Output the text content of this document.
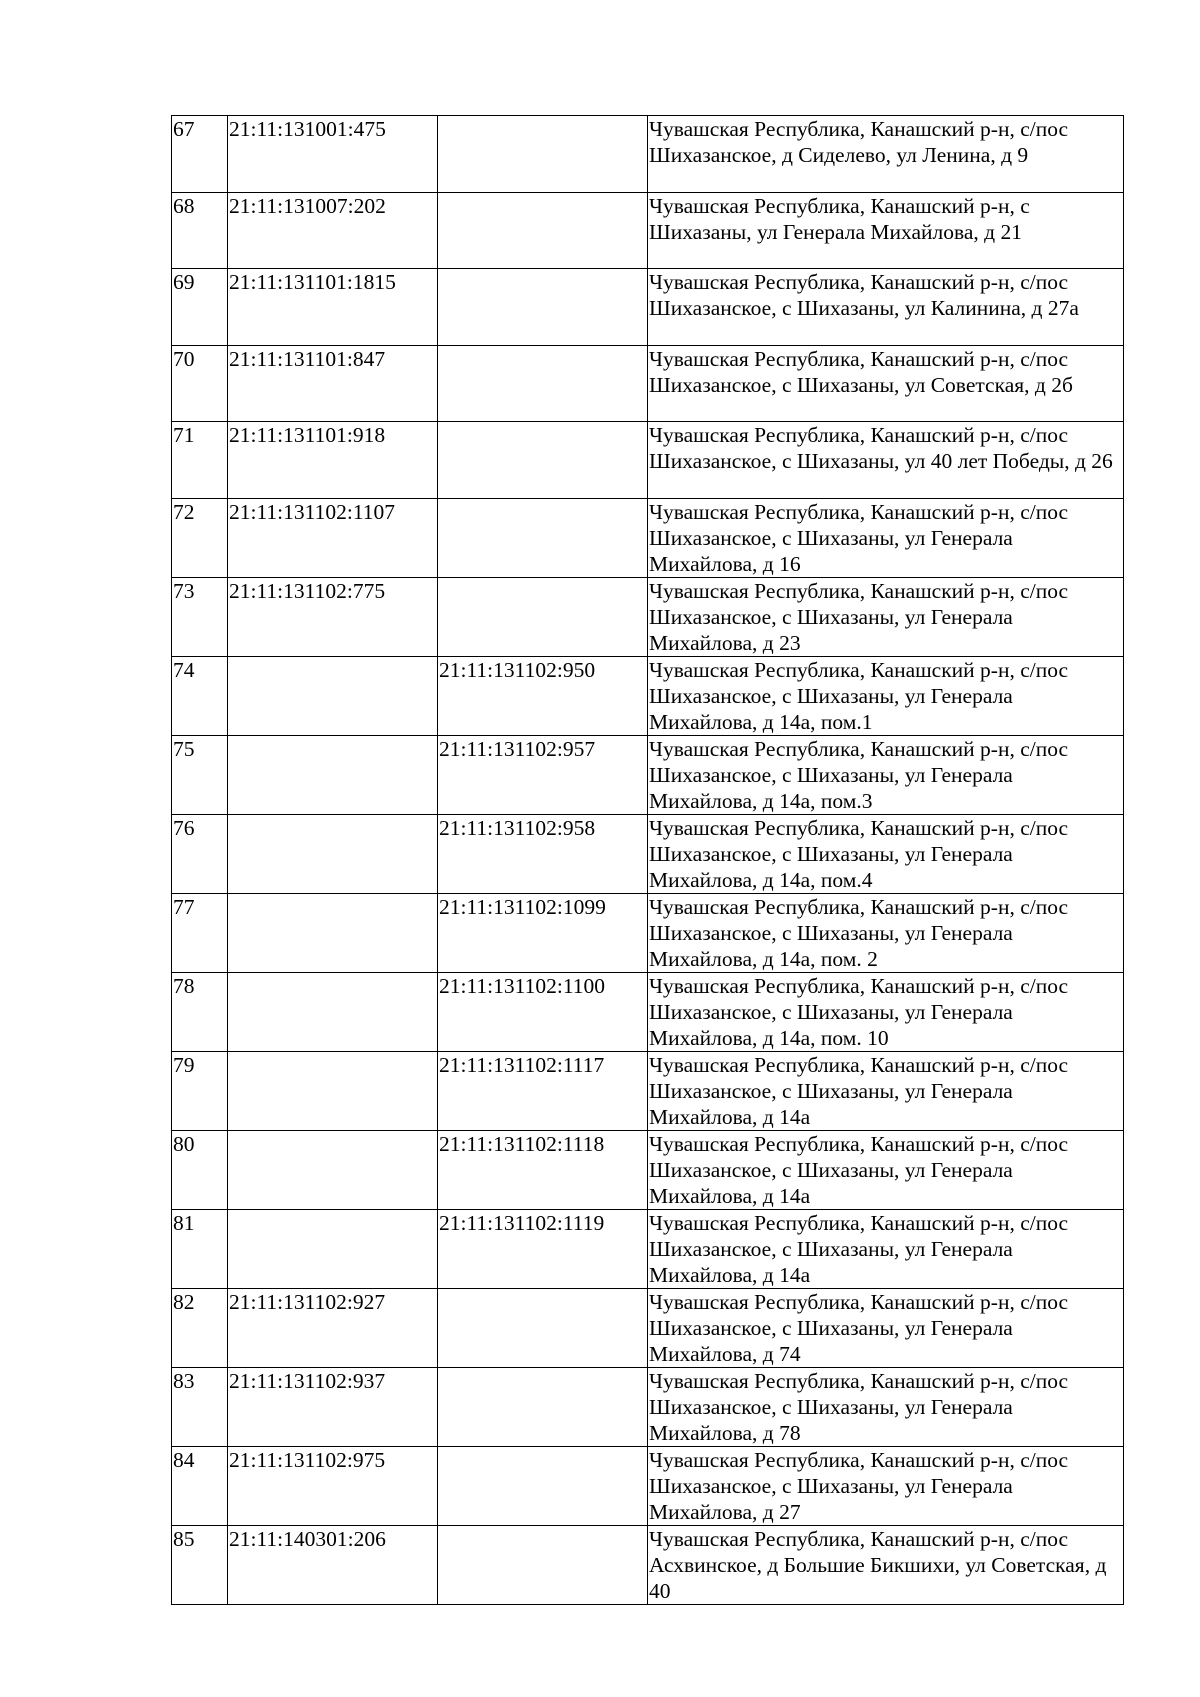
67	21:11:131001:475		Чувашская Республика, Канашский р-н, с/пос Шихазанское, д Сиделево, ул Ленина, д 9
68	21:11:131007:202		Чувашская Республика, Канашский р-н, с Шихазаны, ул Генерала Михайлова, д 21
69	21:11:131101:1815		Чувашская Республика, Канашский р-н, с/пос Шихазанское, с Шихазаны, ул Калинина, д 27а
70	21:11:131101:847		Чувашская Республика, Канашский р-н, с/пос Шихазанское, с Шихазаны, ул Советская, д 2б
71	21:11:131101:918		Чувашская Республика, Канашский р-н, с/пос Шихазанское, с Шихазаны, ул 40 лет Победы, д 26
72	21:11:131102:1107		Чувашская Республика, Канашский р-н, с/пос Шихазанское, с Шихазаны, ул Генерала Михайлова, д 16
73	21:11:131102:775		Чувашская Республика, Канашский р-н, с/пос Шихазанское, с Шихазаны, ул Генерала Михайлова, д 23
74		21:11:131102:950	Чувашская Республика, Канашский р-н, с/пос Шихазанское, с Шихазаны, ул Генерала Михайлова, д 14а, пом.1
75		21:11:131102:957	Чувашская Республика, Канашский р-н, с/пос Шихазанское, с Шихазаны, ул Генерала Михайлова, д 14а, пом.3
76		21:11:131102:958	Чувашская Республика, Канашский р-н, с/пос Шихазанское, с Шихазаны, ул Генерала Михайлова, д 14а, пом.4
77		21:11:131102:1099	Чувашская Республика, Канашский р-н, с/пос Шихазанское, с Шихазаны, ул Генерала Михайлова, д 14а, пом. 2
78		21:11:131102:1100	Чувашская Республика, Канашский р-н, с/пос Шихазанское, с Шихазаны, ул Генерала Михайлова, д 14а, пом. 10
79		21:11:131102:1117	Чувашская Республика, Канашский р-н, с/пос Шихазанское, с Шихазаны, ул Генерала Михайлова, д 14а
80		21:11:131102:1118	Чувашская Республика, Канашский р-н, с/пос Шихазанское, с Шихазаны, ул Генерала Михайлова, д 14а
81		21:11:131102:1119	Чувашская Республика, Канашский р-н, с/пос Шихазанское, с Шихазаны, ул Генерала Михайлова, д 14а
82	21:11:131102:927		Чувашская Республика, Канашский р-н, с/пос Шихазанское, с Шихазаны, ул Генерала Михайлова, д 74
83	21:11:131102:937		Чувашская Республика, Канашский р-н, с/пос Шихазанское, с Шихазаны, ул Генерала Михайлова, д 78
84	21:11:131102:975		Чувашская Республика, Канашский р-н, с/пос Шихазанское, с Шихазаны, ул Генерала Михайлова, д 27
85	21:11:140301:206		Чувашская Республика, Канашский р-н, с/пос Асхвинское, д Большие Бикшихи, ул Советская, д 40
